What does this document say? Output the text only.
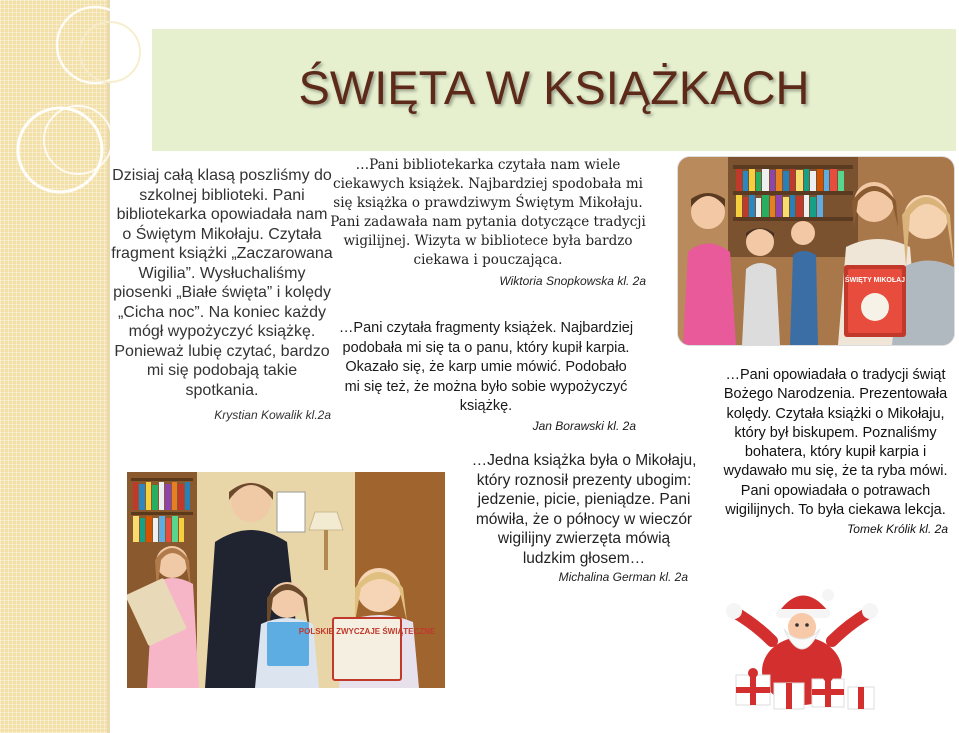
ŚWIĘTA W KSIĄŻKACH
Dzisiaj całą klasą poszliśmy do szkolnej biblioteki. Pani bibliotekarka opowiadała nam o Świętym Mikołaju. Czytała fragment książki „Zaczarowana Wigilia”. Wysłuchaliśmy piosenki „Białe święta” i kolędy „Cicha noc”. Na koniec każdy mógł wypożyczyć książkę. Ponieważ lubię czytać, bardzo mi się podobają takie spotkania.
Krystian Kowalik kl.2a
…Pani bibliotekarka czytała nam wiele ciekawych książek. Najbardziej spodobała mi się książka o prawdziwym Świętym Mikołaju. Pani zadawała nam pytania dotyczące tradycji wigilijnej. Wizyta w bibliotece była bardzo ciekawa i pouczająca.
Wiktoria Snopkowska kl. 2a
…Pani czytała fragmenty książek. Najbardziej podobała mi się ta o panu, który kupił karpia. Okazało się, że karp umie mówić. Podobało mi się też, że można było sobie wypożyczyć książkę.
Jan Borawski kl. 2a
…Jedna książka była o Mikołaju, który roznosił prezenty ubogim: jedzenie, picie, pieniądze. Pani mówiła, że o północy w wieczór wigilijny zwierzęta mówią ludzkim głosem…
Michalina German kl. 2a
…Pani opowiadała o tradycji świąt Bożego Narodzenia. Prezentowała kolędy. Czytała książki o Mikołaju, który był biskupem. Poznaliśmy bohatera, który kupił karpia i wydawało mu się, że ta ryba mówi. Pani opowiadała o potrawach wigilijnych. To była ciekawa lekcja.
Tomek Królik kl. 2a
ŚWIĘTY MIKOŁAJ
POLSKIE ZWYCZAJE ŚWIĄTECZNE
